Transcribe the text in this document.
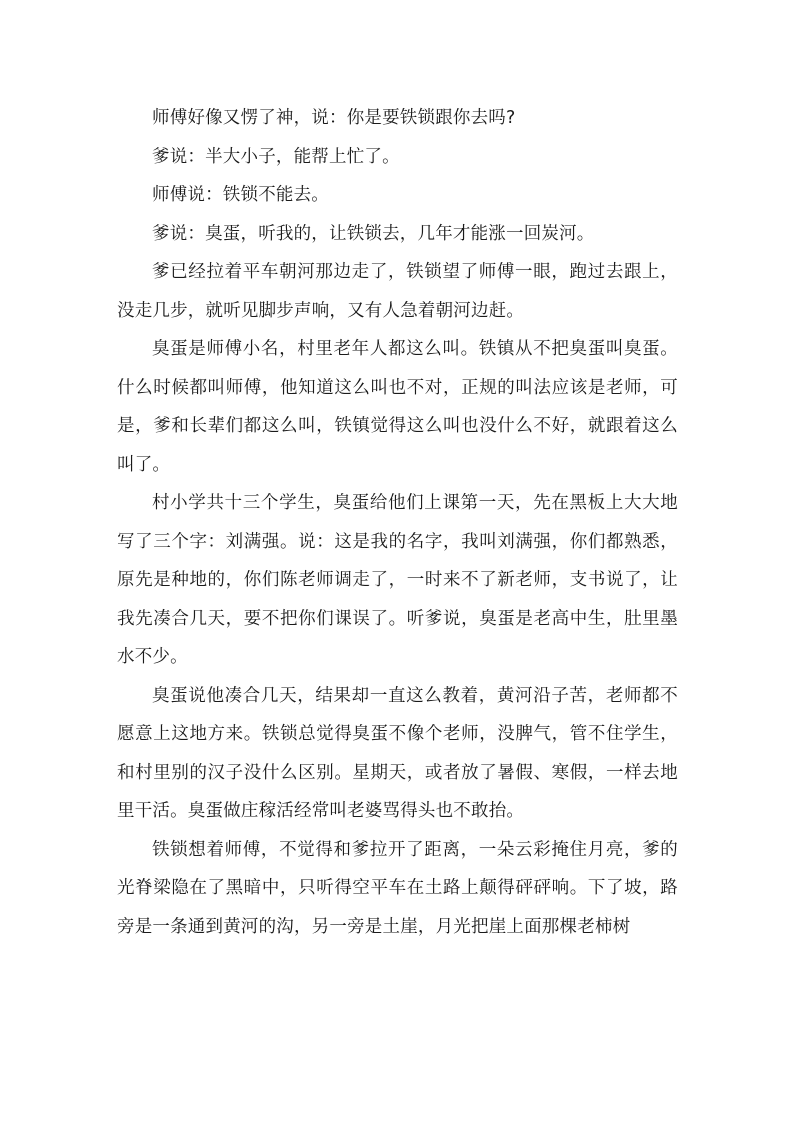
师傅好像又愣了神，说：你是要铁锁跟你去吗?

爹说：半大小子，能帮上忙了。

师傅说：铁锁不能去。

爹说：臭蛋，听我的，让铁锁去，几年才能涨一回炭河。

爹已经拉着平车朝河那边走了，铁锁望了师傅一眼，跑过去跟上，没走几步，就听见脚步声响，又有人急着朝河边赶。

臭蛋是师傅小名，村里老年人都这么叫。铁镇从不把臭蛋叫臭蛋。什么时候都叫师傅，他知道这么叫也不对，正规的叫法应该是老师，可是，爹和长辈们都这么叫，铁镇觉得这么叫也没什么不好，就跟着这么叫了。

村小学共十三个学生，臭蛋给他们上课第一天，先在黑板上大大地写了三个字：刘满强。说：这是我的名字，我叫刘满强，你们都熟悉，原先是种地的，你们陈老师调走了，一时来不了新老师，支书说了，让我先凑合几天，要不把你们课误了。听爹说，臭蛋是老高中生，肚里墨水不少。

臭蛋说他凑合几天，结果却一直这么教着，黄河沿子苦，老师都不愿意上这地方来。铁锁总觉得臭蛋不像个老师，没脾气，管不住学生，和村里别的汉子没什么区别。星期天，或者放了暑假、寒假，一样去地里干活。臭蛋做庄稼活经常叫老婆骂得头也不敢抬。

铁锁想着师傅，不觉得和爹拉开了距离，一朵云彩掩住月亮，爹的光脊梁隐在了黑暗中，只听得空平车在土路上颠得砰砰响。下了坡，路旁是一条通到黄河的沟，另一旁是土崖，月光把崖上面那棵老柿树
